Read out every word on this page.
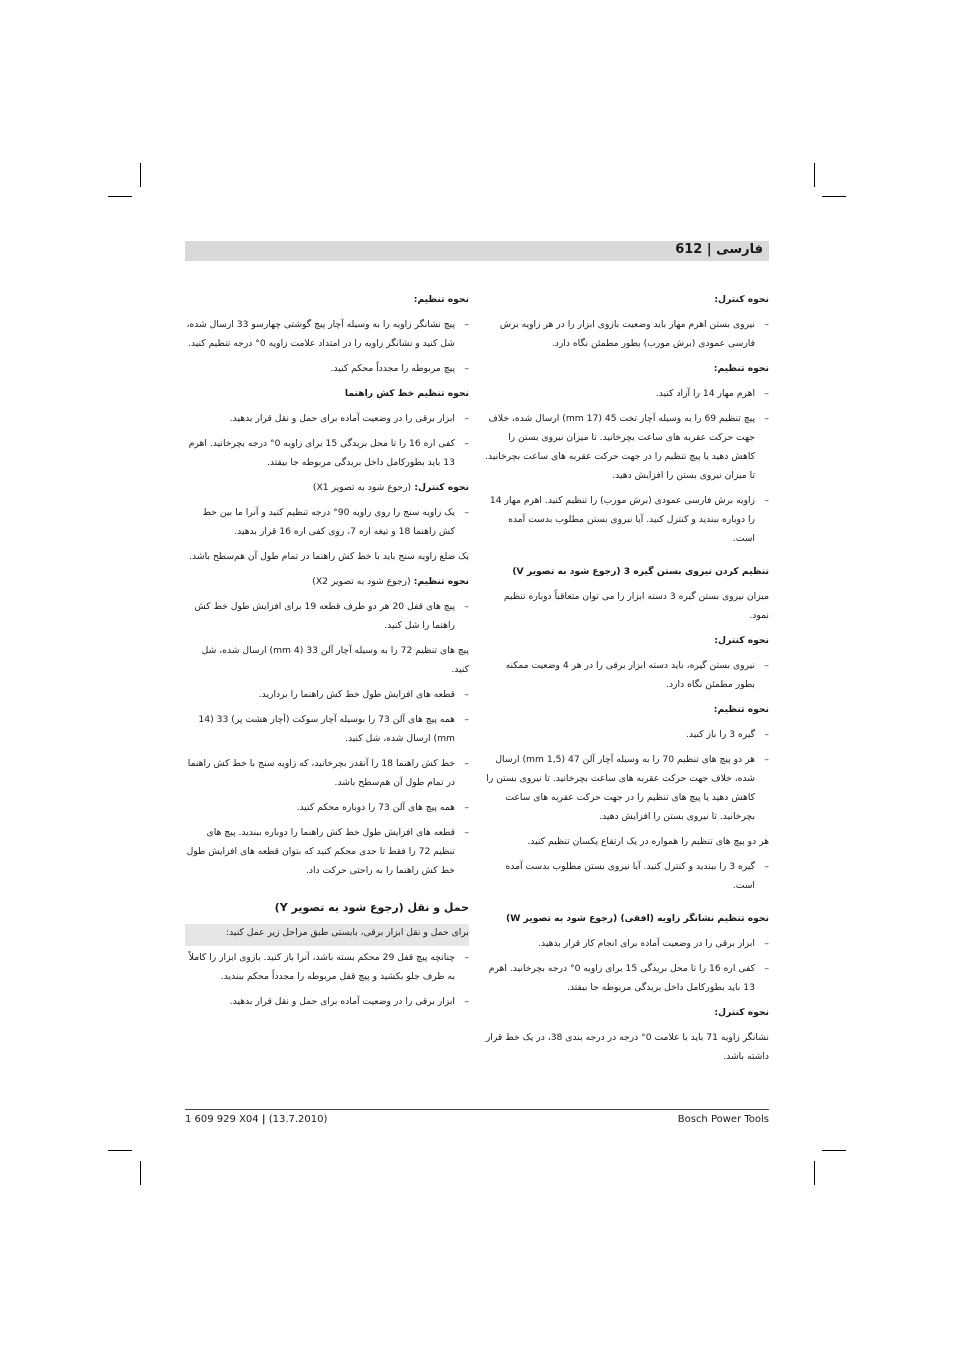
فارسی | 612
نحوه کنترل:
– نیروی بستن اهرم مهار باید وضعیت بازوی ابزار را در هر زاویه برش فارسی عمودی (برش مورب) بطور مطمئن نگاه دارد.
نحوه تنظیم:
– اهرم مهار 14 را آزاد کنید.
– پیچ تنظیم 69 را به وسیله آچار تخت 45 (17 mm) ارسال شده، خلاف جهت حرکت عقربه های ساعت بچرخانید. تا میزان نیروی بستن را کاهش دهید یا پیچ تنظیم را در جهت حرکت عقربه های ساعت بچرخانید. تا میزان نیروی بستن را افزایش دهید.
– زاویه برش فارسی عمودی (برش مورب) را تنظیم کنید. اهرم مهار 14 را دوباره ببندید و کنترل کنید. آیا نیروی بستن مطلوب بدست آمده است.
تنظیم کردن نیروی بستن گیره 3 (رجوع شود به تصویر V)
میزان نیروی بستن گیره 3 دسته ابزار را می توان متعاقباً دوباره تنظیم نمود.
نحوه کنترل:
– نیروی بستن گیره، باید دسته ابزار برقی را در هر 4 وضعیت ممکنه بطور مطمئن نگاه دارد.
نحوه تنظیم:
– گیره 3 را باز کنید.
– هر دو پیچ های تنظیم 70 را به وسیله آچار آلن 47 (1,5 mm) ارسال شده، خلاف جهت حرکت عقربه های ساعت بچرخانید. تا نیروی بستن را کاهش دهید یا پیچ های تنظیم را در جهت حرکت عقربه های ساعت بچرخانید. تا نیروی بستن را افزایش دهید.
هر دو پیچ های تنظیم را همواره در یک ارتفاع یکسان تنظیم کنید.
– گیره 3 را ببندید و کنترل کنید. آیا نیروی بستن مطلوب بدست آمده است.
نحوه تنظیم نشانگر زاویه (افقی) (رجوع شود به تصویر W)
– ابزار برقی را در وضعیت آماده برای انجام کار قرار بدهید.
– کفی اره 16 را تا محل بریدگی 15 برای زاویه 0° درجه بچرخانید. اهرم 13 باید بطورکامل داخل بریدگی مربوطه جا بیفتد.
نحوه کنترل:
نشانگر زاویه 71 باید با علامت 0° درجه در درجه بندی 38، در یک خط قرار داشته باشد.
نحوه تنظیم:
– پیچ نشانگر زاویه را به وسیله آچار پیچ گوشتی چهارسو 33 ارسال شده، شل کنید و نشانگر زاویه را در امتداد علامت زاویه 0° درجه تنظیم کنید.
– پیچ مربوطه را مجدداً محکم کنید.
نحوه تنظیم خط کش راهنما
– ابزار برقی را در وضعیت آماده برای حمل و نقل قرار بدهید.
– کفی اره 16 را تا محل بریدگی 15 برای زاویه 0° درجه بچرخانید. اهرم 13 باید بطورکامل داخل بریدگی مربوطه جا بیفتد.
نحوه کنترل: (رجوع شود به تصویر X1)
– یک زاویه سنج را روی زاویه 90° درجه تنظیم کنید و آنرا ما بین خط کش راهنما 18 و تیغه اره 7، روی کفی اره 16 قرار بدهید.
یک ضلع زاویه سنج باید با خط کش راهنما در تمام طول آن هم‌سطح باشد.
نحوه تنظیم: (رجوع شود به تصویر X2)
– پیچ های قفل 20 هر دو طرف قطعه 19 برای افزایش طول خط کش راهنما را شل کنید.
پیچ های تنظیم 72 را به وسیله آچار آلن 33 (4 mm) ارسال شده، شل کنید.
– قطعه های افزایش طول خط کش راهنما را بردارید.
– همه پیچ های آلن 73 را بوسیله آچار سوکت (آچار هشت پر) 33 (14 mm) ارسال شده، شل کنید.
– خط کش راهنما 18 را آنقدر بچرخانید، که زاویه سنج با خط کش راهنما در تمام طول آن هم‌سطح باشد.
– همه پیچ های آلن 73 را دوباره محکم کنید.
– قطعه های افزایش طول خط کش راهنما را دوباره ببندید. پیچ های تنظیم 72 را فقط تا حدی محکم کنید که بتوان قطعه های افزایش طول خط کش راهنما را به راحتی حرکت داد.
حمل و نقل (رجوع شود به تصویر Y)
برای حمل و نقل ابزار برقی، بایستی طبق مراحل زیر عمل کنید:
– چنانچه پیچ قفل 29 محکم بسته باشد، آنرا باز کنید. بازوی ابزار را کاملاً به طرف جلو بکشید و پیچ قفل مربوطه را مجدداً محکم ببندید.
– ابزار برقی را در وضعیت آماده برای حمل و نقل قرار بدهید.
1 609 929 X04 | (13.7.2010)	Bosch Power Tools
